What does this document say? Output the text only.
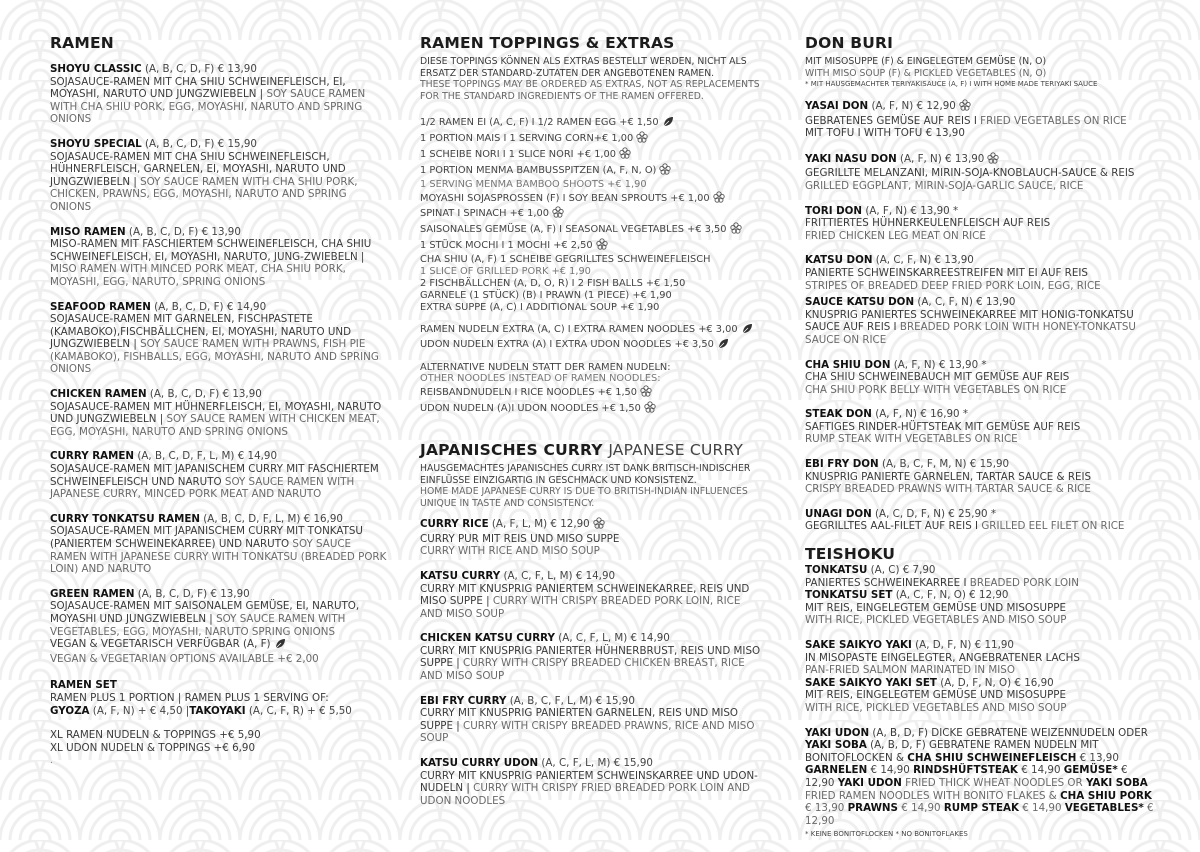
RAMEN
SHOYU CLASSIC (A, B, C, D, F) € 13,90
SOJASAUCE-RAMEN MIT CHA SHIU SCHWEINEFLEISCH, EI, MOYASHI, NARUTO UND JUNGZWIEBELN | SOY SAUCE RAMEN WITH CHA SHIU PORK, EGG, MOYASHI, NARUTO AND SPRING ONIONS
SHOYU SPECIAL (A, B, C, D, F) € 15,90
SOJASAUCE-RAMEN MIT CHA SHIU SCHWEINEFLEISCH, HÜHNERFLEISCH, GARNELEN, EI, MOYASHI, NARUTO UND JUNGZWIEBELN | SOY SAUCE RAMEN WITH CHA SHIU PORK, CHICKEN, PRAWNS, EGG, MOYASHI, NARUTO AND SPRING ONIONS
MISO RAMEN (A, B, C, D, F) € 13,90
MISO-RAMEN MIT FASCHIERTEM SCHWEINEFLEISCH, CHA SHIU SCHWEINEFLEISCH, EI, MOYASHI, NARUTO, JUNG-ZWIEBELN | MISO RAMEN WITH MINCED PORK MEAT, CHA SHIU PORK, MOYASHI, EGG, NARUTO, SPRING ONIONS
SEAFOOD RAMEN (A, B, C, D, F) € 14,90
SOJASAUCE-RAMEN MIT GARNELEN, FISCHPASTETE (KAMABOKO),FISCHBÄLLCHEN, EI, MOYASHI, NARUTO UND JUNGZWIEBELN | SOY SAUCE RAMEN WITH PRAWNS, FISH PIE (KAMABOKO), FISHBALLS, EGG, MOYASHI, NARUTO AND SPRING ONIONS
CHICKEN RAMEN (A, B, C, D, F) € 13,90
SOJASAUCE-RAMEN MIT HÜHNERFLEISCH, EI, MOYASHI, NARUTO UND JUNGZWIEBELN | SOY SAUCE RAMEN WITH CHICKEN MEAT, EGG, MOYASHI, NARUTO AND SPRING ONIONS
CURRY RAMEN (A, B, C, D, F, L, M) € 14,90
SOJASAUCE-RAMEN MIT JAPANISCHEM CURRY MIT FASCHIERTEM SCHWEINEFLEISCH UND NARUTO SOY SAUCE RAMEN WITH JAPANESE CURRY, MINCED PORK MEAT AND NARUTO
CURRY TONKATSU RAMEN (A, B, C, D, F, L, M) € 16,90
SOJASAUCE-RAMEN MIT JAPANISCHEM CURRY MIT TONKATSU (PANIERTEM SCHWEINEKARREE) UND NARUTO SOY SAUCE RAMEN WITH JAPANESE CURRY WITH TONKATSU (BREADED PORK LOIN) AND NARUTO
GREEN RAMEN (A, B, C, D, F) € 13,90
SOJASAUCE-RAMEN MIT SAISONALEM GEMÜSE, EI, NARUTO, MOYASHI UND JUNGZWIEBELN | SOY SAUCE RAMEN WITH VEGETABLES, EGG, MOYASHI, NARUTO SPRING ONIONS
VEGAN & VEGETARISCH VERFÜGBAR (A, F)
VEGAN & VEGETARIAN OPTIONS AVAILABLE +€ 2,00
RAMEN SET
RAMEN PLUS 1 PORTION | RAMEN PLUS 1 SERVING OF:
GYOZA (A, F, N) + € 4,50 |TAKOYAKI (A, C, F, R) + € 5,50
XL RAMEN NUDELN & TOPPINGS +€ 5,90
XL UDON NUDELN & TOPPINGS +€ 6,90
.
RAMEN TOPPINGS & EXTRAS
DIESE TOPPINGS KÖNNEN ALS EXTRAS BESTELLT WERDEN, NICHT ALS ERSATZ DER STANDARD-ZUTATEN DER ANGEBOTENEN RAMEN.
THESE TOPPINGS MAY BE ORDERED AS EXTRAS, NOT AS REPLACEMENTS FOR THE STANDARD INGREDIENTS OF THE RAMEN OFFERED.
1/2 RAMEN EI (A, C, F) I 1/2 RAMEN EGG +€ 1,50
1 PORTION MAIS I 1 SERVING CORN+€ 1,00
1 SCHEIBE NORI I 1 SLICE NORI +€ 1,00
1 PORTION MENMA BAMBUSSPITZEN (A, F, N, O)
1 SERVING MENMA BAMBOO SHOOTS +€ 1,90
MOYASHI SOJASPROSSEN (F) I SOY BEAN SPROUTS +€ 1,00
SPINAT I SPINACH +€ 1,00
SAISONALES GEMÜSE (A, F) I SEASONAL VEGETABLES +€ 3,50
1 STÜCK MOCHI I 1 MOCHI +€ 2,50
CHA SHIU (A, F) 1 SCHEIBE GEGRILLTES SCHWEINEFLEISCH
1 SLICE OF GRILLED PORK +€ 1,90
2 FISCHBÄLLCHEN (A, D, O, R) I 2 FISH BALLS +€ 1,50
GARNELE (1 STÜCK) (B) I PRAWN (1 PIECE) +€ 1,90
EXTRA SUPPE (A, C) I ADDITIONAL SOUP +€ 1,90
RAMEN NUDELN EXTRA (A, C) I EXTRA RAMEN NOODLES +€ 3,00
UDON NUDELN EXTRA (A) I EXTRA UDON NOODLES +€ 3,50
ALTERNATIVE NUDELN STATT DER RAMEN NUDELN:
OTHER NOODLES INSTEAD OF RAMEN NOODLES:
REISBANDNUDELN I RICE NOODLES +€ 1,50
UDON NUDELN (A)I UDON NOODLES +€ 1,50
JAPANISCHES CURRY JAPANESE CURRY
HAUSGEMACHTES JAPANISCHES CURRY IST DANK BRITISCH-INDISCHER EINFLÜSSE EINZIGARTIG IN GESCHMACK UND KONSISTENZ.
HOME MADE JAPANESE CURRY IS DUE TO BRITISH-INDIAN INFLUENCES UNIQUE IN TASTE AND CONSISTENCY.
CURRY RICE (A, F, L, M) € 12,90
CURRY PUR MIT REIS UND MISO SUPPE
CURRY WITH RICE AND MISO SOUP
KATSU CURRY (A, C, F, L, M) € 14,90
CURRY MIT KNUSPRIG PANIERTEM SCHWEINEKARREE, REIS UND MISO SUPPE | CURRY WITH CRISPY BREADED PORK LOIN, RICE AND MISO SOUP
CHICKEN KATSU CURRY (A, C, F, L, M) € 14,90
CURRY MIT KNUSPRIG PANIERTER HÜHNERBRUST, REIS UND MISO SUPPE | CURRY WITH CRISPY BREADED CHICKEN BREAST, RICE AND MISO SOUP
EBI FRY CURRY (A, B, C, F, L, M) € 15,90
CURRY MIT KNUSPRIG PANIERTEN GARNELEN, REIS UND MISO SUPPE | CURRY WITH CRISPY BREADED PRAWNS, RICE AND MISO SOUP
KATSU CURRY UDON (A, C, F, L, M) € 15,90
CURRY MIT KNUSPRIG PANIERTEM SCHWEINSKARREE UND UDON-NUDELN | CURRY WITH CRISPY FRIED BREADED PORK LOIN AND UDON NOODLES
DON BURI
MIT MISOSUPPE (F) & EINGELEGTEM GEMÜSE (N, O)
WITH MISO SOUP (F) & PICKLED VEGETABLES (N, O)
* MIT HAUSGEMACHTER TERIYAKISAUCE (A, F) I WITH HOME MADE TERIYAKI SAUCE
YASAI DON (A, F, N) € 12,90
GEBRATENES GEMÜSE AUF REIS I FRIED VEGETABLES ON RICE
MIT TOFU I WITH TOFU € 13,90
YAKI NASU DON (A, F, N) € 13,90
GEGRILLTE MELANZANI, MIRIN-SOJA-KNOBLAUCH-SAUCE & REIS
GRILLED EGGPLANT, MIRIN-SOJA-GARLIC SAUCE, RICE
TORI DON (A, F, N) € 13,90 *
FRITTIERTES HÜHNERKEULENFLEISCH AUF REIS
FRIED CHICKEN LEG MEAT ON RICE
KATSU DON (A, C, F, N) € 13,90
PANIERTE SCHWEINSKARREESTREIFEN MIT EI AUF REIS
STRIPES OF BREADED DEEP FRIED PORK LOIN, EGG, RICE
SAUCE KATSU DON (A, C, F, N) € 13,90
KNUSPRIG PANIERTES SCHWEINEKARREE MIT HONIG-TONKATSU SAUCE AUF REIS I BREADED PORK LOIN WITH HONEY-TONKATSU SAUCE ON RICE
CHA SHIU DON (A, F, N) € 13,90 *
CHA SHIU SCHWEINEBAUCH MIT GEMÜSE AUF REIS
CHA SHIU PORK BELLY WITH VEGETABLES ON RICE
STEAK DON (A, F, N) € 16,90 *
SAFTIGES RINDER-HÜFTSTEAK MIT GEMÜSE AUF REIS
RUMP STEAK WITH VEGETABLES ON RICE
EBI FRY DON (A, B, C, F, M, N) € 15,90
KNUSPRIG PANIERTE GARNELEN, TARTAR SAUCE & REIS
CRISPY BREADED PRAWNS WITH TARTAR SAUCE & RICE
UNAGI DON (A, C, D, F, N) € 25,90 *
GEGRILLTES AAL-FILET AUF REIS I GRILLED EEL FILET ON RICE
TEISHOKU
TONKATSU (A, C) € 7,90
PANIERTES SCHWEINEKARREE I BREADED PORK LOIN
TONKATSU SET (A, C, F, N, O) € 12,90
MIT REIS, EINGELEGTEM GEMÜSE UND MISOSUPPE
WITH RICE, PICKLED VEGETABLES AND MISO SOUP
SAKE SAIKYO YAKI (A, D, F, N) € 11,90
IN MISOPASTE EINGELEGTER, ANGEBRATENER LACHS
PAN-FRIED SALMON MARINATED IN MISO
SAKE SAIKYO YAKI SET (A, D, F, N, O) € 16,90
MIT REIS, EINGELEGTEM GEMÜSE UND MISOSUPPE
WITH RICE, PICKLED VEGETABLES AND MISO SOUP
YAKI UDON (A, B, D, F) DICKE GEBRATENE WEIZENNUDELN ODER YAKI SOBA (A, B, D, F) GEBRATENE RAMEN NUDELN MIT BONITOFLOCKEN & CHA SHIU SCHWEINEFLEISCH € 13,90 GARNELEN € 14,90 RINDSHÜFTSTEAK € 14,90 GEMÜSE* € 12,90 YAKI UDON FRIED THICK WHEAT NOODLES OR YAKI SOBA FRIED RAMEN NOODLES WITH BONITO FLAKES & CHA SHIU PORK € 13,90 PRAWNS € 14,90 RUMP STEAK € 14,90 VEGETABLES* € 12,90
* KEINE BONITOFLOCKEN * NO BONITOFLAKES
